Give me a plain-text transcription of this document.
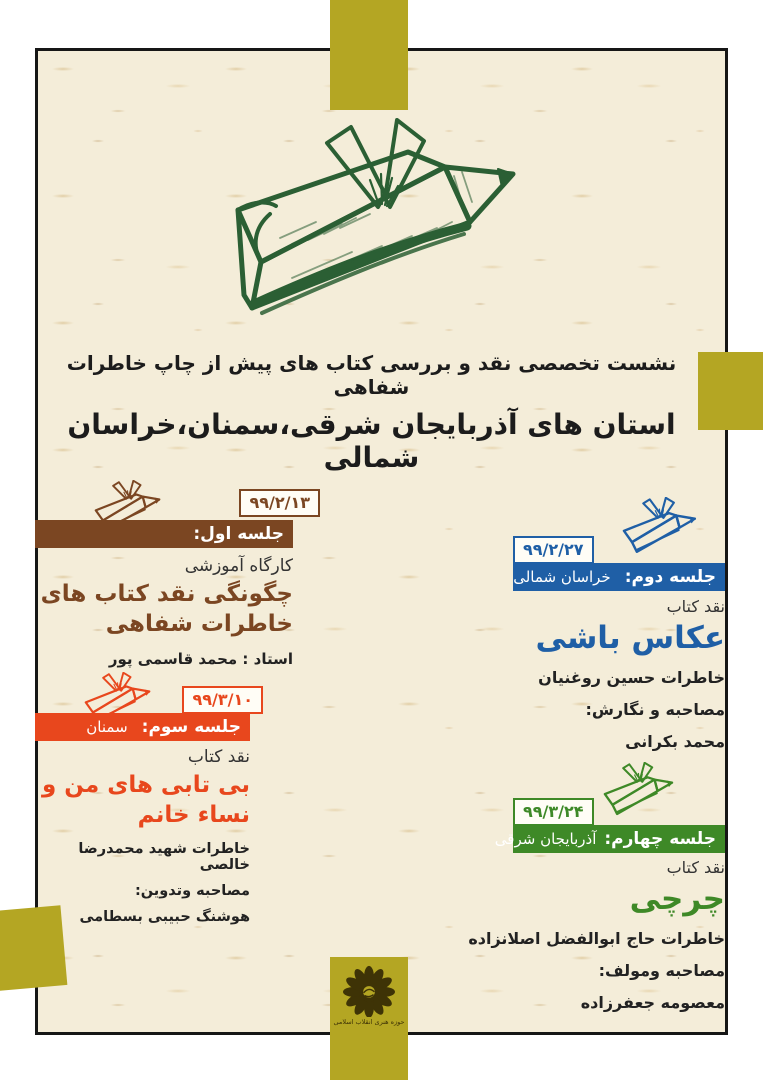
نشست تخصصی نقد و بررسی کتاب های پیش از چاپ خاطرات شفاهی
استان های آذربایجان شرقی،سمنان،خراسان شمالی
۹۹/۲/۱۳
جلسه اول:
کارگاه آموزشی
چگونگی نقد کتاب های خاطرات شفاهی

استاد : محمد قاسمی پور

۹۹/۲/۲۷
جلسه دوم:
خراسان شمالی
نقد کتاب
عکاس باشی

خاطرات حسین روغنیان

مصاحبه و نگارش:

محمد بکرانی

۹۹/۳/۱۰
جلسه سوم:
سمنان
نقد کتاب
بی تابی های من و نساء خانم

خاطرات شهید محمدرضا خالصی

مصاحبه وتدوین:

هوشنگ حبیبی بسطامی

۹۹/۳/۲۴
جلسه چهارم:
آذربایجان شرقی
نقد کتاب
چرچی

خاطرات حاج ابوالفضل اصلانزاده

مصاحبه ومولف:

معصومه جعفرزاده

حوزه هنری انقلاب اسلامی
